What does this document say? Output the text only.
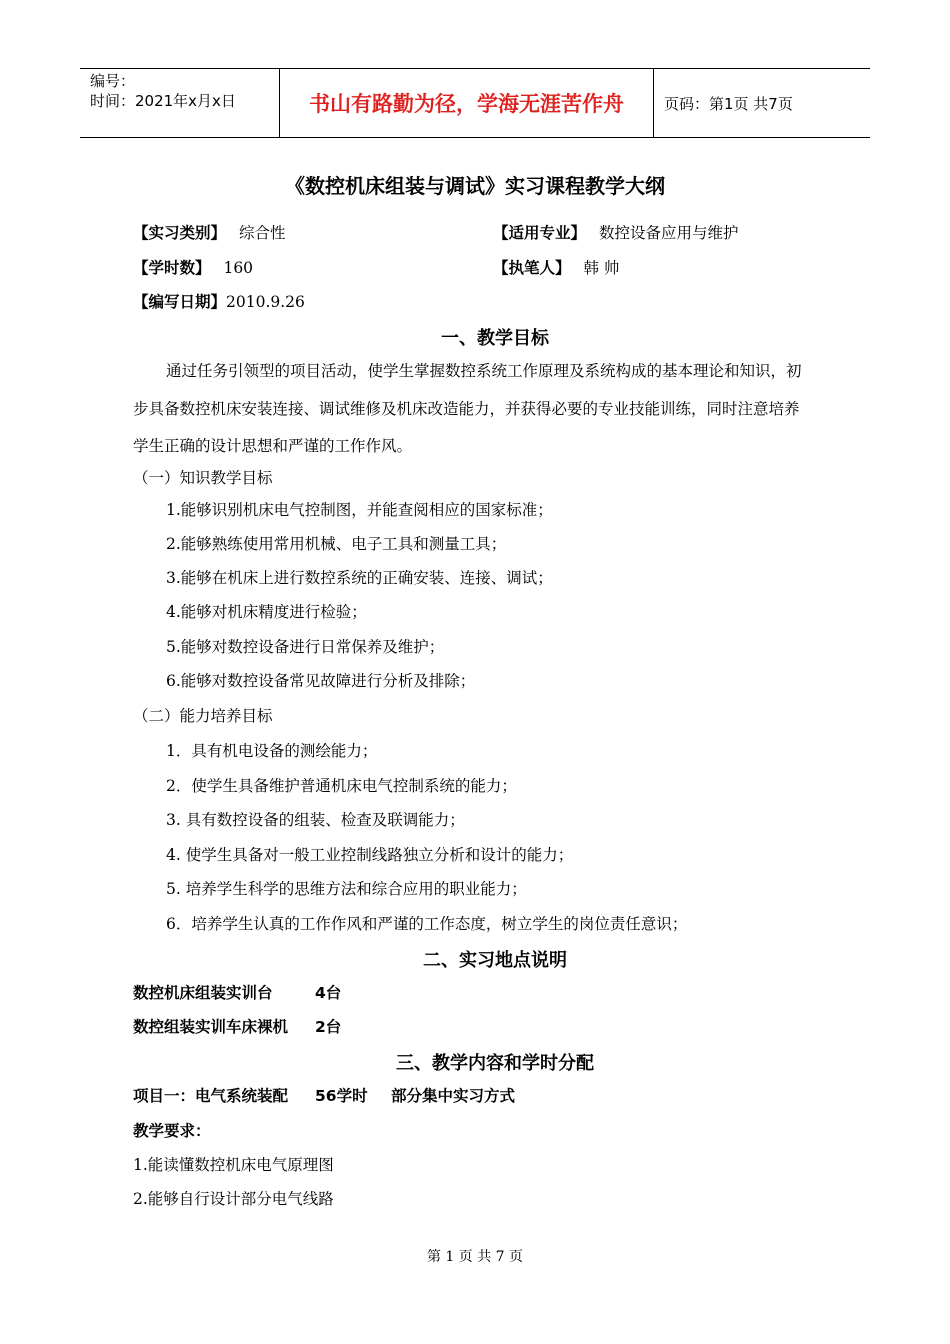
编号：
时间：2021年x月x日	书山有路勤为径，学海无涯苦作舟	页码：第1页 共7页
《数控机床组装与调试》实习课程教学大纲
【实习类别】 综合性	【适用专业】 数控设备应用与维护
【学时数】 160	【执笔人】 韩 帅
【编写日期】2010.9.26
一、教学目标
通过任务引领型的项目活动，使学生掌握数控系统工作原理及系统构成的基本理论和知识，初
步具备数控机床安装连接、调试维修及机床改造能力，并获得必要的专业技能训练，同时注意培养
学生正确的设计思想和严谨的工作作风。
（一）知识教学目标
1.能够识别机床电气控制图，并能查阅相应的国家标准；
2.能够熟练使用常用机械、电子工具和测量工具；
3.能够在机床上进行数控系统的正确安装、连接、调试；
4.能够对机床精度进行检验；
5.能够对数控设备进行日常保养及维护；
6.能够对数控设备常见故障进行分析及排除；
（二）能力培养目标
1．具有机电设备的测绘能力；
2．使学生具备维护普通机床电气控制系统的能力；
3. 具有数控设备的组装、检查及联调能力；
4. 使学生具备对一般工业控制线路独立分析和设计的能力；
5. 培养学生科学的思维方法和综合应用的职业能力；
6．培养学生认真的工作作风和严谨的工作态度，树立学生的岗位责任意识；
二、实习地点说明
数控机床组装实训台	4台
数控组装实训车床裸机 2台
三、教学内容和学时分配
项目一：电气系统装配 56学时 部分集中实习方式
教学要求：
1.能读懂数控机床电气原理图
2.能够自行设计部分电气线路
第 1 页 共 7 页
